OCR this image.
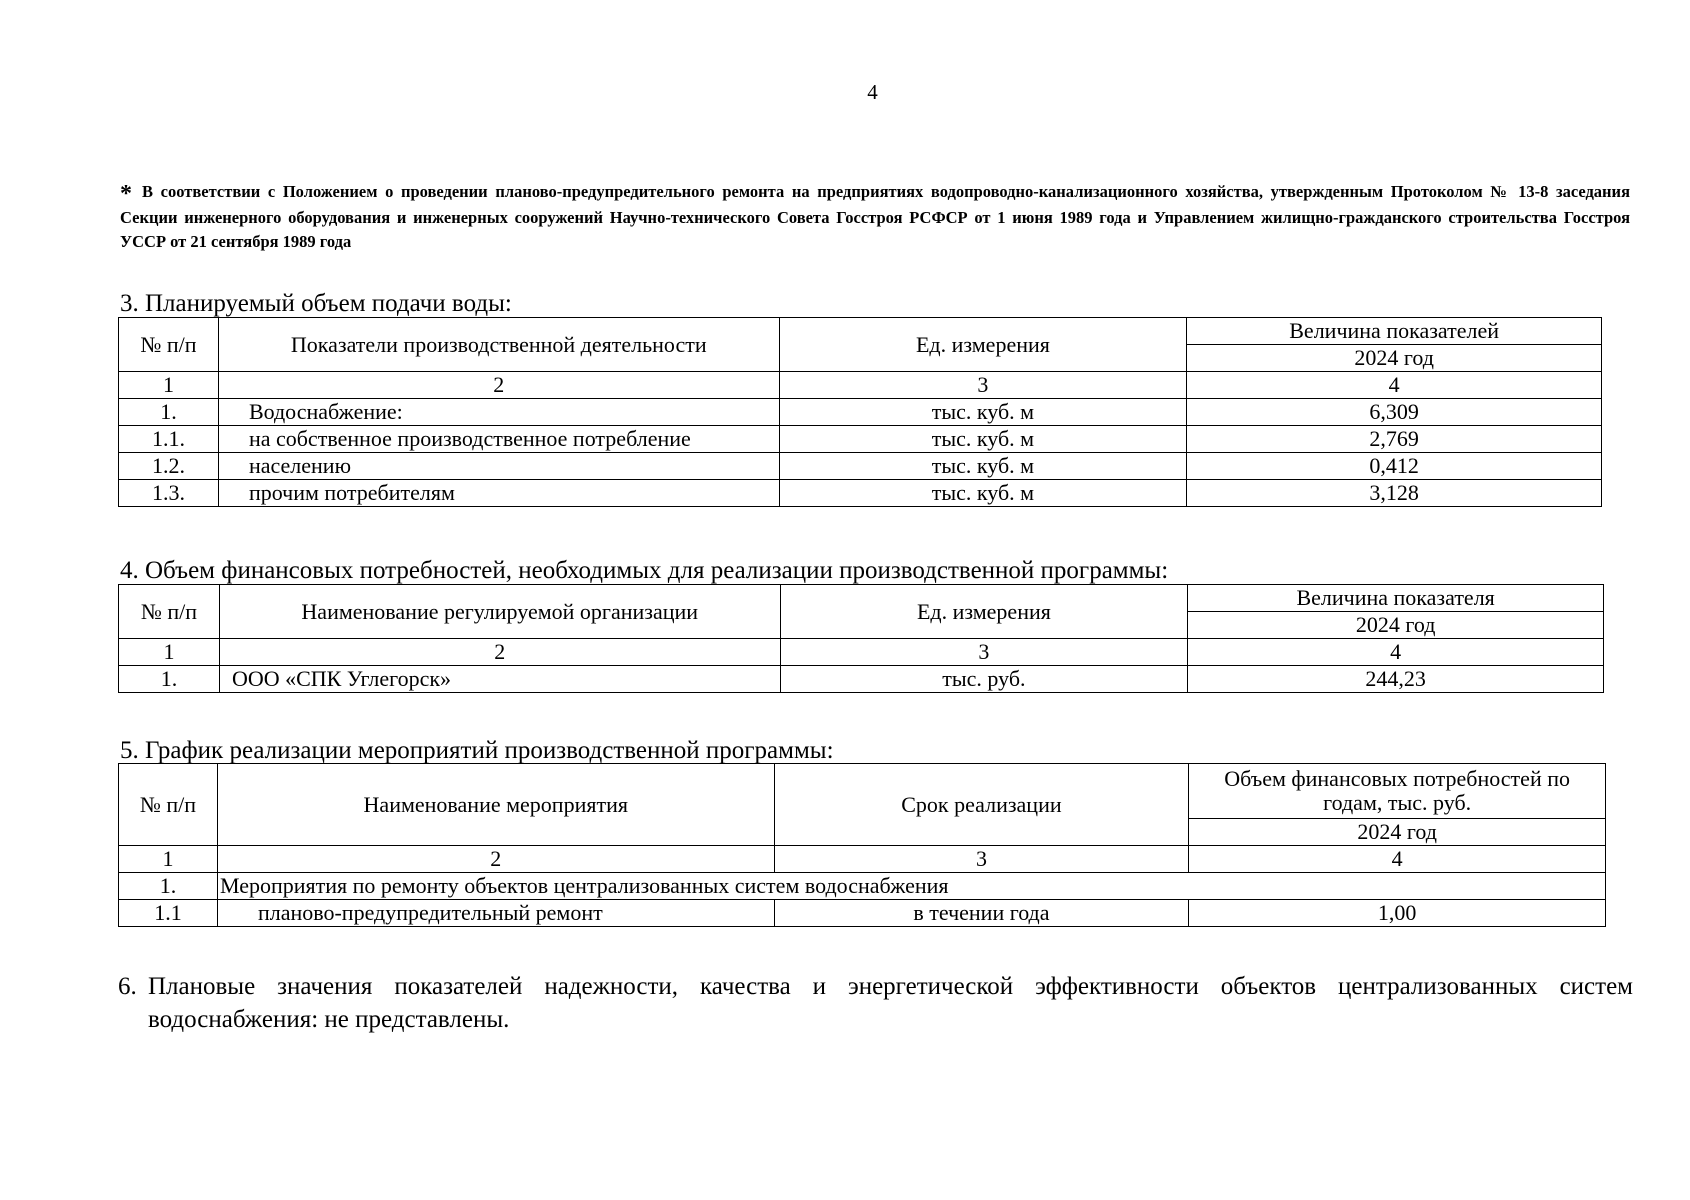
4
* В соответствии с Положением о проведении планово-предупредительного ремонта на предприятиях водопроводно-канализационного хозяйства, утвержденным Протоколом № 13-8 заседания Секции инженерного оборудования и инженерных сооружений Научно-технического Совета Госстроя РСФСР от 1 июня 1989 года и Управлением жилищно-гражданского строительства Госстроя УССР от 21 сентября 1989 года
3. Планируемый объем подачи воды:
№ п/п	Показатели производственной деятельности	Ед. измерения	Величина показателей
			2024 год
1	2	3	4
1.	Водоснабжение:	тыс. куб. м	6,309
1.1.	на собственное производственное потребление	тыс. куб. м	2,769
1.2.	населению	тыс. куб. м	0,412
1.3.	прочим потребителям	тыс. куб. м	3,128
4. Объем финансовых потребностей, необходимых для реализации производственной программы:
№ п/п	Наименование регулируемой организации	Ед. измерения	Величина показателя
			2024 год
1	2	3	4
1.	ООО «СПК Углегорск»	тыс. руб.	244,23
5. График реализации мероприятий производственной программы:
№ п/п	Наименование мероприятия	Срок реализации	Объем финансовых потребностей по годам, тыс. руб.
			2024 год
1	2	3	4
1.	Мероприятия по ремонту объектов централизованных систем водоснабжения		
1.1	планово-предупредительный ремонт	в течении года	1,00
6. Плановые значения показателей надежности, качества и энергетической эффективности объектов централизованных систем водоснабжения: не представлены.
